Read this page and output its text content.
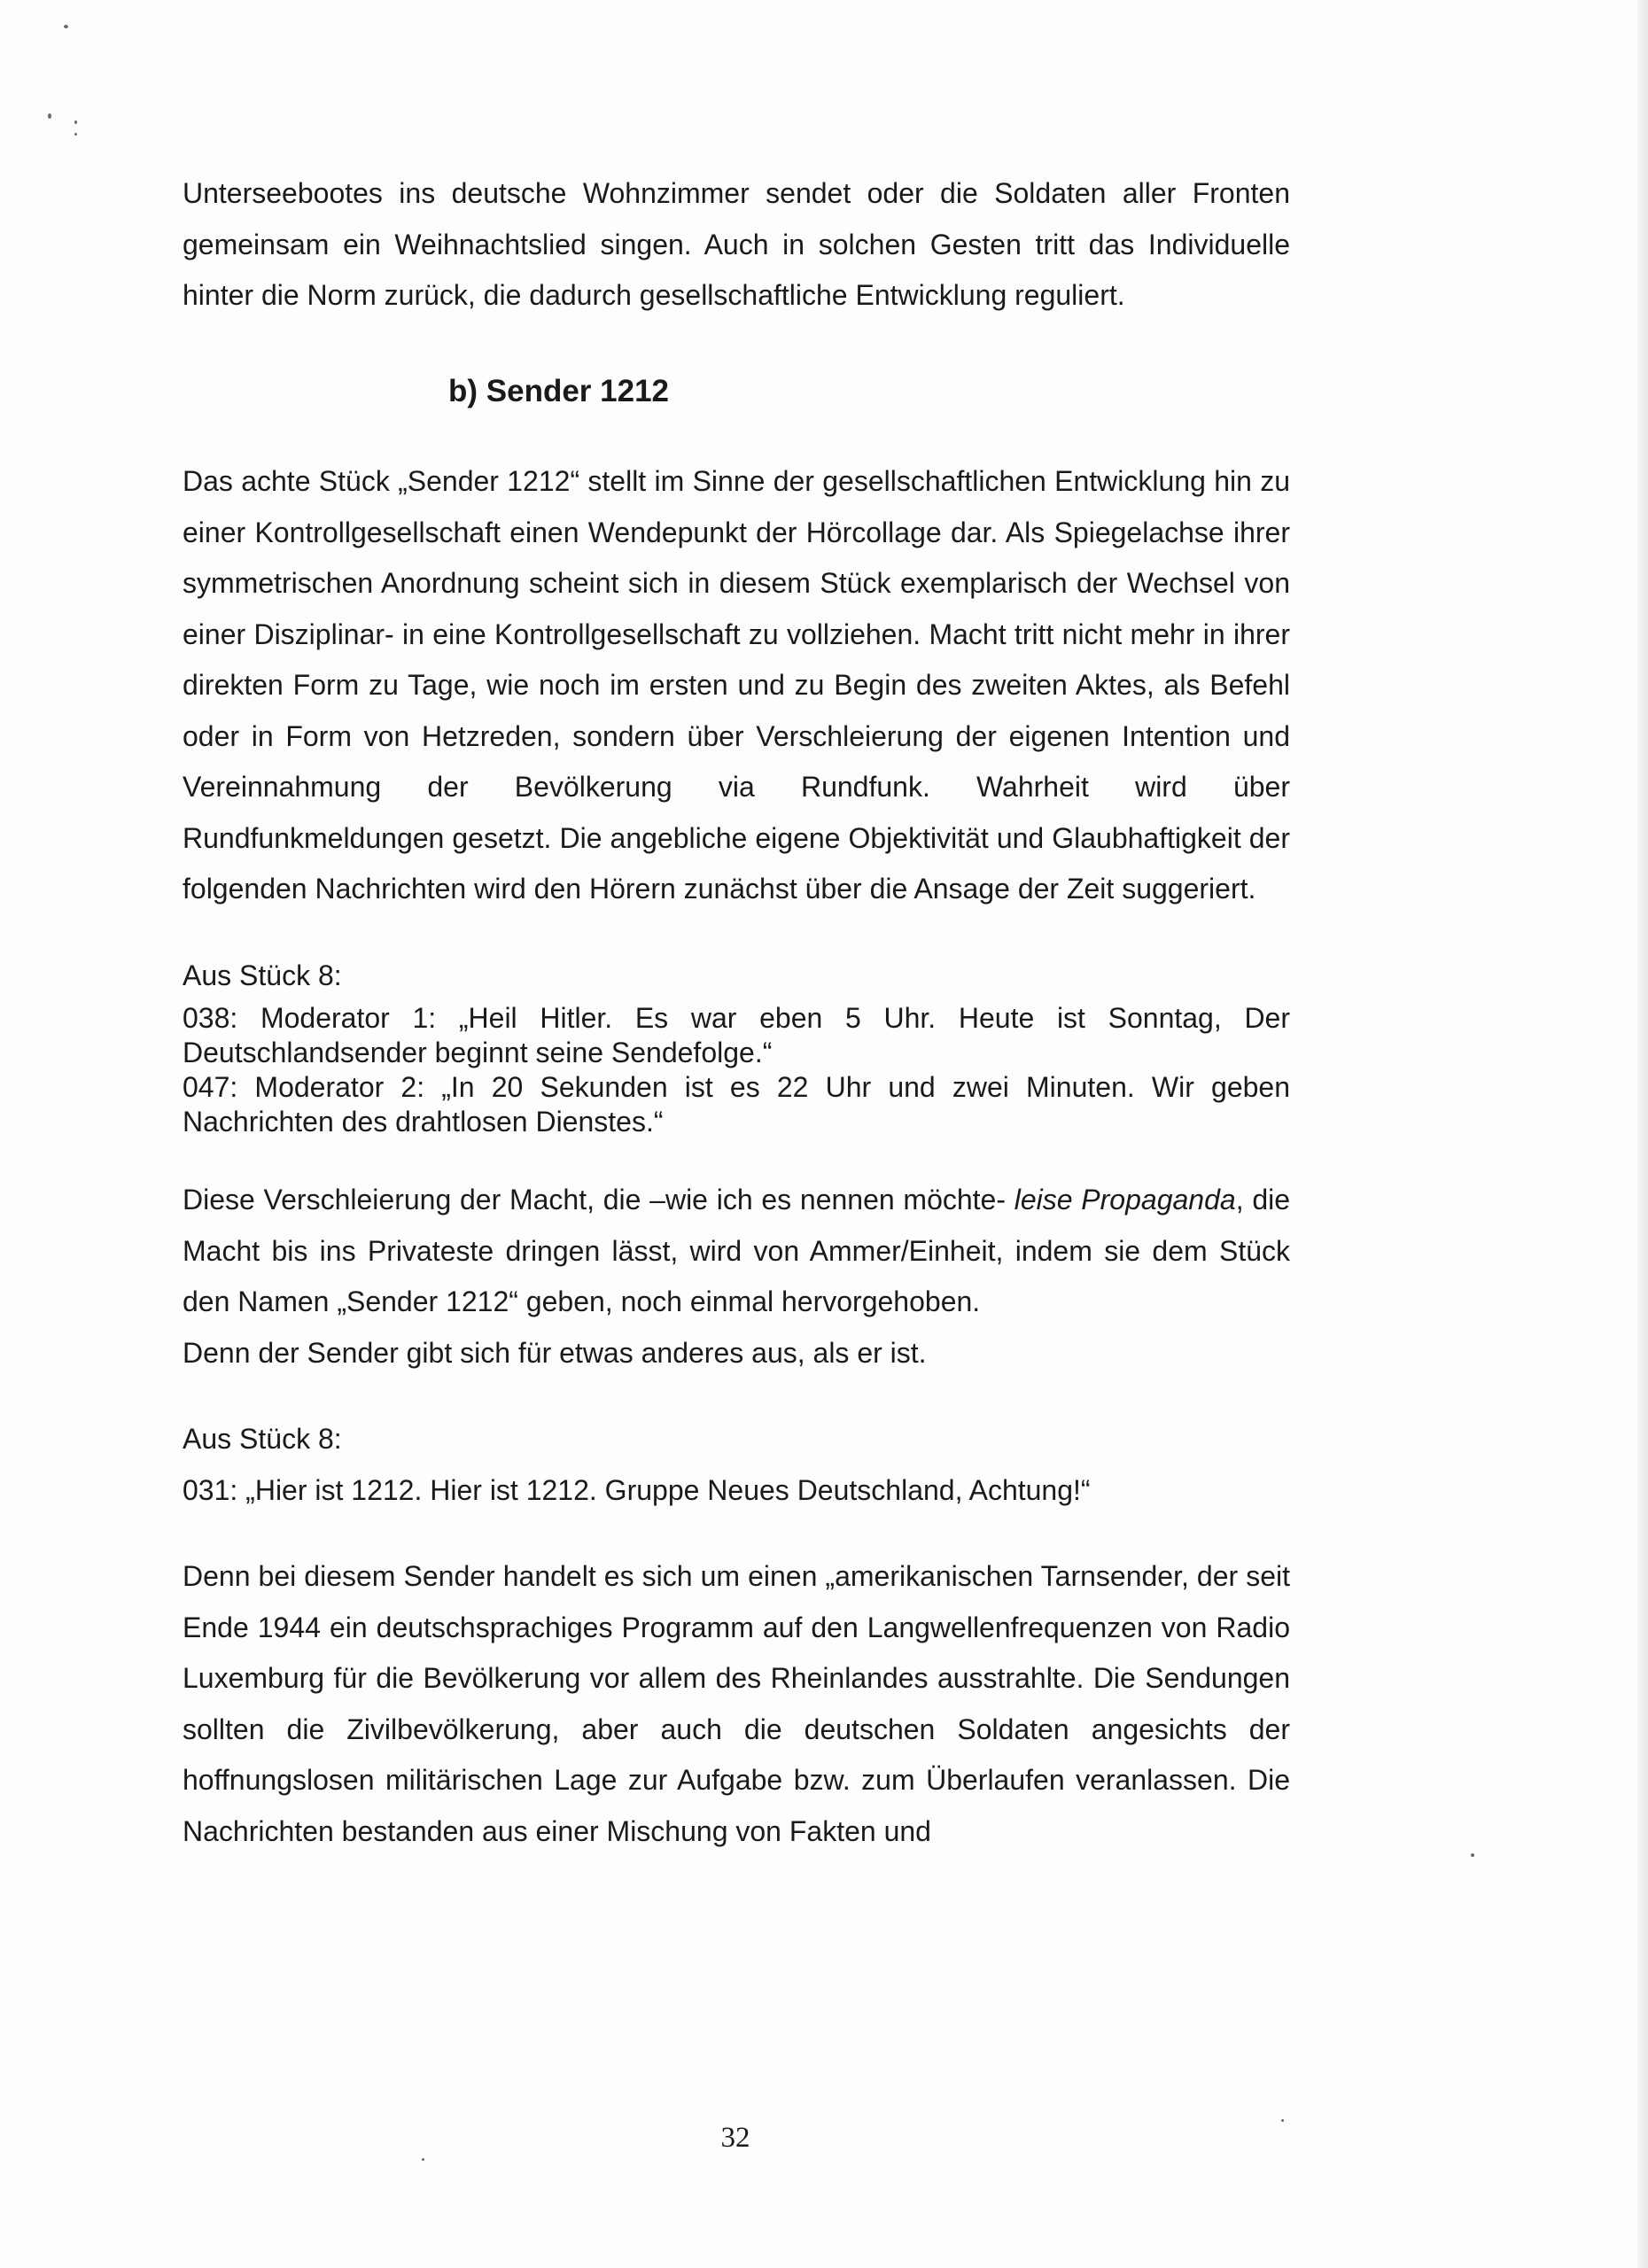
Unterseebootes ins deutsche Wohnzimmer sendet oder die Soldaten aller Fronten gemeinsam ein Weihnachtslied singen. Auch in solchen Gesten tritt das Individuelle hinter die Norm zurück, die dadurch gesellschaftliche Entwicklung reguliert.

b) Sender 1212

Das achte Stück „Sender 1212“ stellt im Sinne der gesellschaftlichen Entwicklung hin zu einer Kontrollgesellschaft einen Wendepunkt der Hörcollage dar. Als Spiegelachse ihrer symmetrischen Anordnung scheint sich in diesem Stück exemplarisch der Wechsel von einer Disziplinar- in eine Kontrollgesellschaft zu vollziehen. Macht tritt nicht mehr in ihrer direkten Form zu Tage, wie noch im ersten und zu Begin des zweiten Aktes, als Befehl oder in Form von Hetzreden, sondern über Verschleierung der eigenen Intention und Vereinnahmung der Bevölkerung via Rundfunk. Wahrheit wird über Rundfunkmeldungen gesetzt. Die angebliche eigene Objektivität und Glaubhaftigkeit der folgenden Nachrichten wird den Hörern zunächst über die Ansage der Zeit suggeriert.

Aus Stück 8:

038: Moderator 1: „Heil Hitler. Es war eben 5 Uhr. Heute ist Sonntag, Der Deutschlandsender beginnt seine Sendefolge.“

047: Moderator 2: „In 20 Sekunden ist es 22 Uhr und zwei Minuten. Wir geben Nachrichten des drahtlosen Dienstes.“

Diese Verschleierung der Macht, die –wie ich es nennen möchte- leise Propaganda, die Macht bis ins Privateste dringen lässt, wird von Ammer/Einheit, indem sie dem Stück den Namen „Sender 1212“ geben, noch einmal hervorgehoben.

Denn der Sender gibt sich für etwas anderes aus, als er ist.

Aus Stück 8:

031: „Hier ist 1212. Hier ist 1212. Gruppe Neues Deutschland, Achtung!“

Denn bei diesem Sender handelt es sich um einen „amerikanischen Tarnsender, der seit Ende 1944 ein deutschsprachiges Programm auf den Langwellenfrequenzen von Radio Luxemburg für die Bevölkerung vor allem des Rheinlandes ausstrahlte. Die Sendungen sollten die Zivilbevölkerung, aber auch die deutschen Soldaten angesichts der hoffnungslosen militärischen Lage zur Aufgabe bzw. zum Überlaufen veranlassen. Die Nachrichten bestanden aus einer Mischung von Fakten und

32
